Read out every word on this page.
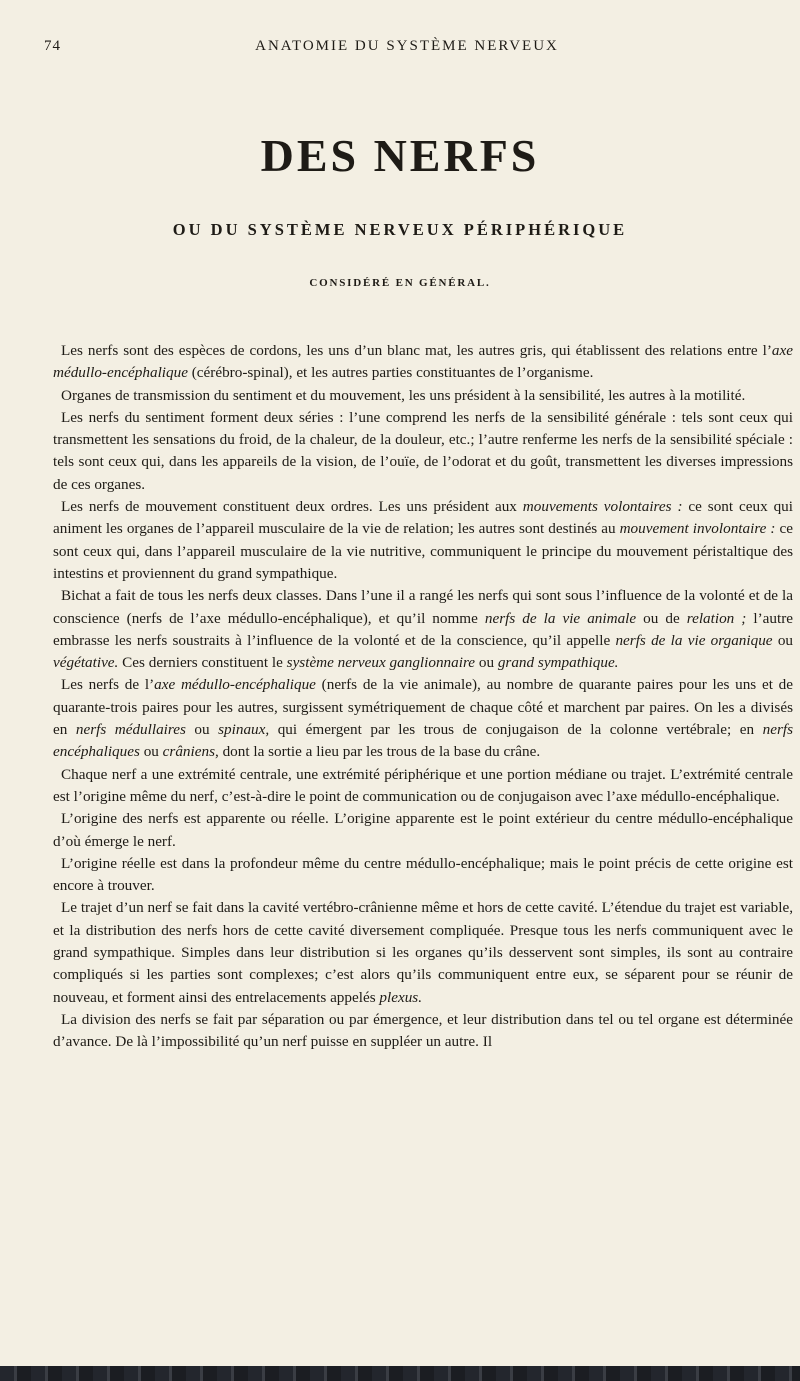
74	ANATOMIE DU SYSTÈME NERVEUX
DES NERFS
OU DU SYSTÈME NERVEUX PÉRIPHÉRIQUE
CONSIDÉRÉ EN GÉNÉRAL.

Les nerfs sont des espèces de cordons, les uns d’un blanc mat, les autres gris, qui établissent des relations entre l’axe médullo-encéphalique (cérébro-spinal), et les autres parties constituantes de l’organisme.

Organes de transmission du sentiment et du mouvement, les uns président à la sensibilité, les autres à la motilité.

Les nerfs du sentiment forment deux séries : l’une comprend les nerfs de la sensibilité générale : tels sont ceux qui transmettent les sensations du froid, de la chaleur, de la douleur, etc.; l’autre renferme les nerfs de la sensibilité spéciale : tels sont ceux qui, dans les appareils de la vision, de l’ouïe, de l’odorat et du goût, transmettent les diverses impressions de ces organes.

Les nerfs de mouvement constituent deux ordres. Les uns président aux mouvements volontaires : ce sont ceux qui animent les organes de l’appareil musculaire de la vie de relation; les autres sont destinés au mouvement involontaire : ce sont ceux qui, dans l’appareil musculaire de la vie nutritive, communiquent le principe du mouvement péristaltique des intestins et proviennent du grand sympathique.

Bichat a fait de tous les nerfs deux classes. Dans l’une il a rangé les nerfs qui sont sous l’influence de la volonté et de la conscience (nerfs de l’axe médullo-encéphalique), et qu’il nomme nerfs de la vie animale ou de relation ; l’autre embrasse les nerfs soustraits à l’influence de la volonté et de la conscience, qu’il appelle nerfs de la vie organique ou végétative. Ces derniers constituent le système nerveux ganglionnaire ou grand sympathique.

Les nerfs de l’axe médullo-encéphalique (nerfs de la vie animale), au nombre de quarante paires pour les uns et de quarante-trois paires pour les autres, surgissent symétriquement de chaque côté et marchent par paires. On les a divisés en nerfs médullaires ou spinaux, qui émergent par les trous de conjugaison de la colonne vertébrale; en nerfs encéphaliques ou crâniens, dont la sortie a lieu par les trous de la base du crâne.

Chaque nerf a une extrémité centrale, une extrémité périphérique et une portion médiane ou trajet. L’extrémité centrale est l’origine même du nerf, c’est-à-dire le point de communication ou de conjugaison avec l’axe médullo-encéphalique.

L’origine des nerfs est apparente ou réelle. L’origine apparente est le point extérieur du centre médullo-encéphalique d’où émerge le nerf.

L’origine réelle est dans la profondeur même du centre médullo-encéphalique; mais le point précis de cette origine est encore à trouver.

Le trajet d’un nerf se fait dans la cavité vertébro-crânienne même et hors de cette cavité. L’étendue du trajet est variable, et la distribution des nerfs hors de cette cavité diversement compliquée. Presque tous les nerfs communiquent avec le grand sympathique. Simples dans leur distribution si les organes qu’ils desservent sont simples, ils sont au contraire compliqués si les parties sont complexes; c’est alors qu’ils communiquent entre eux, se séparent pour se réunir de nouveau, et forment ainsi des entrelacements appelés plexus.

La division des nerfs se fait par séparation ou par émergence, et leur distribution dans tel ou tel organe est déterminée d’avance. De là l’impossibilité qu’un nerf puisse en suppléer un autre. Il
